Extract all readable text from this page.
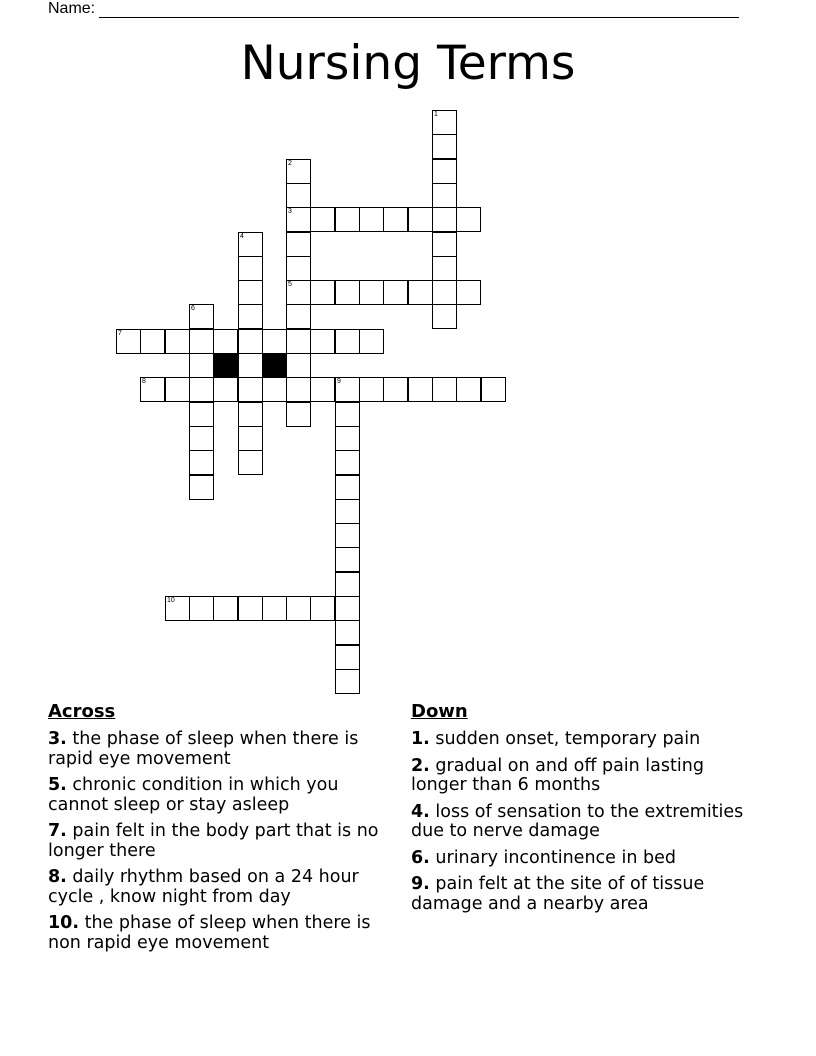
Name:
Nursing Terms
1
2
3
5
4
6
7
8	9
10
Across
3. the phase of sleep when there is rapid eye movement
5. chronic condition in which you cannot sleep or stay asleep
7. pain felt in the body part that is no longer there
8. daily rhythm based on a 24 hour cycle , know night from day
10. the phase of sleep when there is non rapid eye movement
Down
1. sudden onset, temporary pain
2. gradual on and off pain lasting longer than 6 months
4. loss of sensation to the extremities due to nerve damage
6. urinary incontinence in bed
9. pain felt at the site of of tissue damage and a nearby area
